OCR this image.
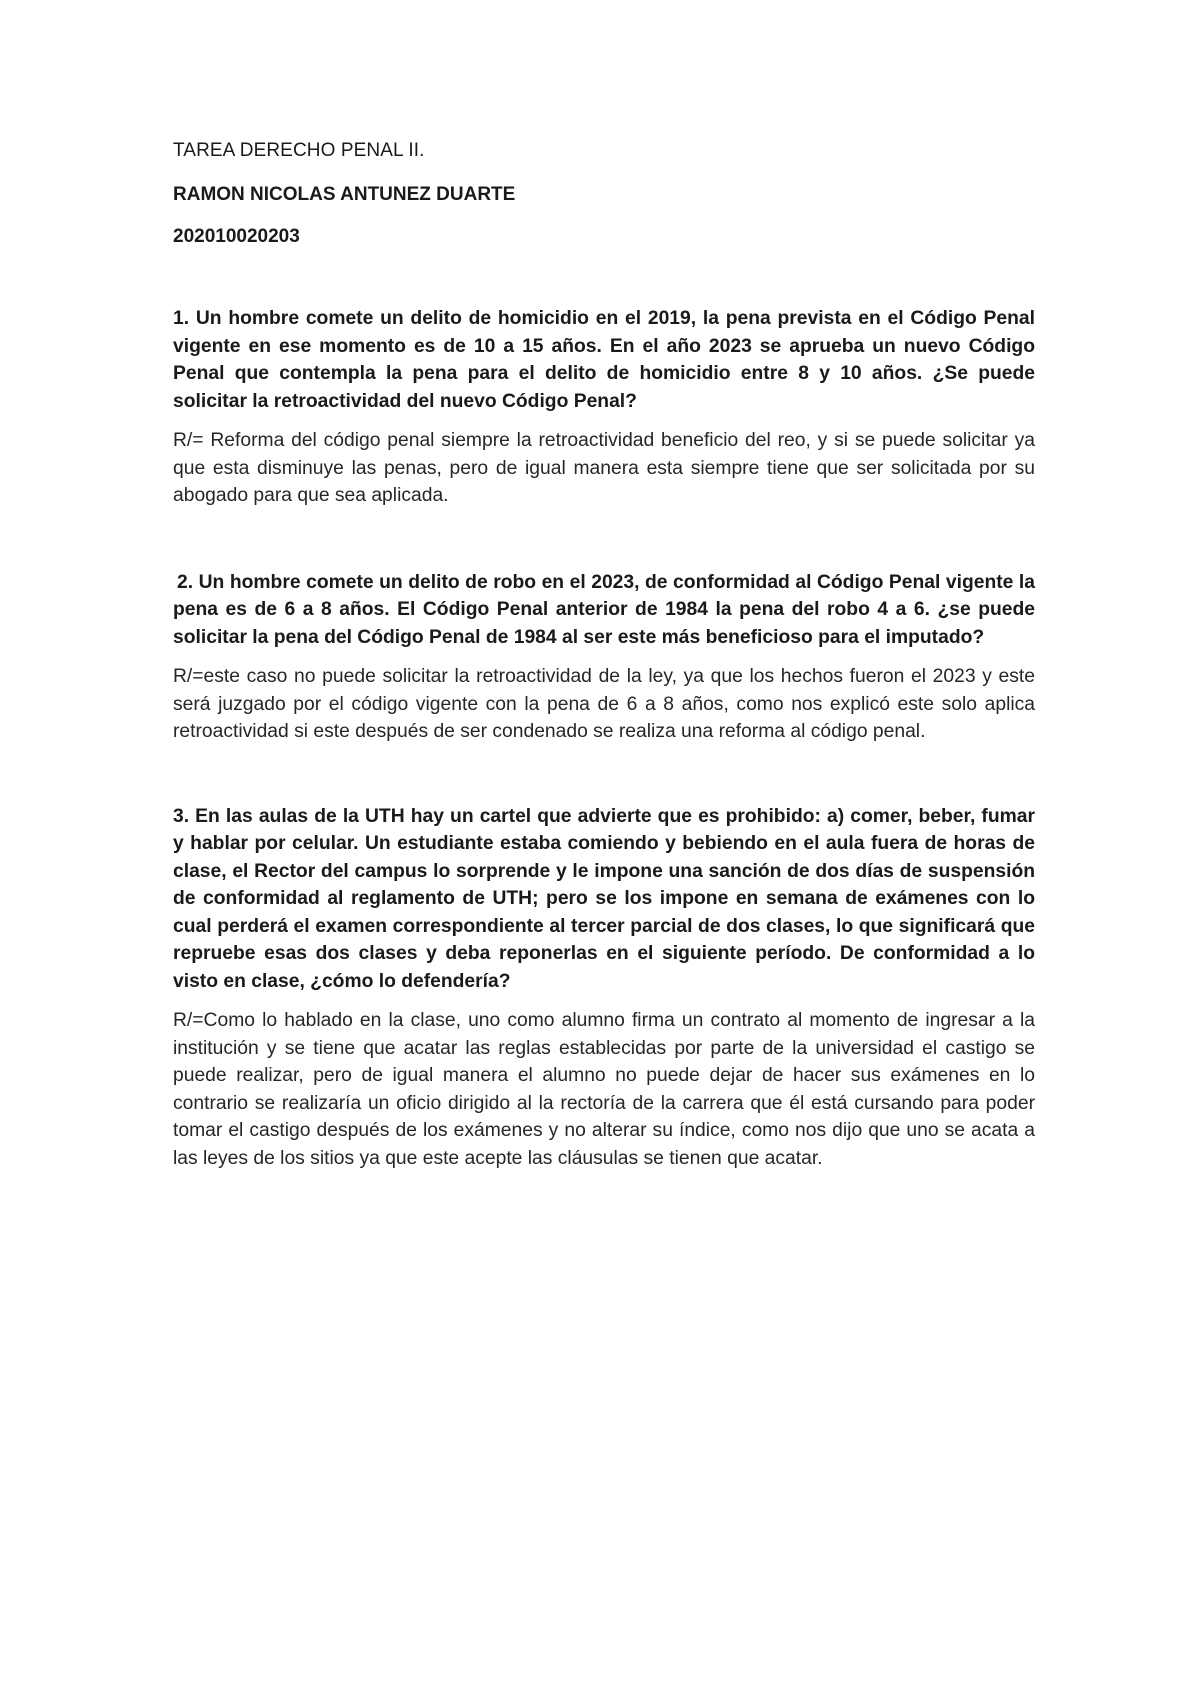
TAREA DERECHO PENAL II.

RAMON NICOLAS ANTUNEZ DUARTE

202010020203

1. Un hombre comete un delito de homicidio en el 2019, la pena prevista en el Código Penal vigente en ese momento es de 10 a 15 años. En el año 2023 se aprueba un nuevo Código Penal que contempla la pena para el delito de homicidio entre 8 y 10 años. ¿Se puede solicitar la retroactividad del nuevo Código Penal?

R/= Reforma del código penal siempre la retroactividad beneficio del reo, y si se puede solicitar ya que esta disminuye las penas, pero de igual manera esta siempre tiene que ser solicitada por su abogado para que sea aplicada.

2. Un hombre comete un delito de robo en el 2023, de conformidad al Código Penal vigente la pena es de 6 a 8 años. El Código Penal anterior de 1984 la pena del robo 4 a 6. ¿se puede solicitar la pena del Código Penal de 1984 al ser este más beneficioso para el imputado?

R/=este caso no puede solicitar la retroactividad de la ley, ya que los hechos fueron el 2023 y este será juzgado por el código vigente con la pena de 6 a 8 años, como nos explicó este solo aplica retroactividad si este después de ser condenado se realiza una reforma al código penal.

3. En las aulas de la UTH hay un cartel que advierte que es prohibido: a) comer, beber, fumar y hablar por celular. Un estudiante estaba comiendo y bebiendo en el aula fuera de horas de clase, el Rector del campus lo sorprende y le impone una sanción de dos días de suspensión de conformidad al reglamento de UTH; pero se los impone en semana de exámenes con lo cual perderá el examen correspondiente al tercer parcial de dos clases, lo que significará que repruebe esas dos clases y deba reponerlas en el siguiente período. De conformidad a lo visto en clase, ¿cómo lo defendería?

R/=Como lo hablado en la clase, uno como alumno firma un contrato al momento de ingresar a la institución y se tiene que acatar las reglas establecidas por parte de la universidad el castigo se puede realizar, pero de igual manera el alumno no puede dejar de hacer sus exámenes en lo contrario se realizaría un oficio dirigido al la rectoría de la carrera que él está cursando para poder tomar el castigo después de los exámenes y no alterar su índice, como nos dijo que uno se acata a las leyes de los sitios ya que este acepte las cláusulas se tienen que acatar.
